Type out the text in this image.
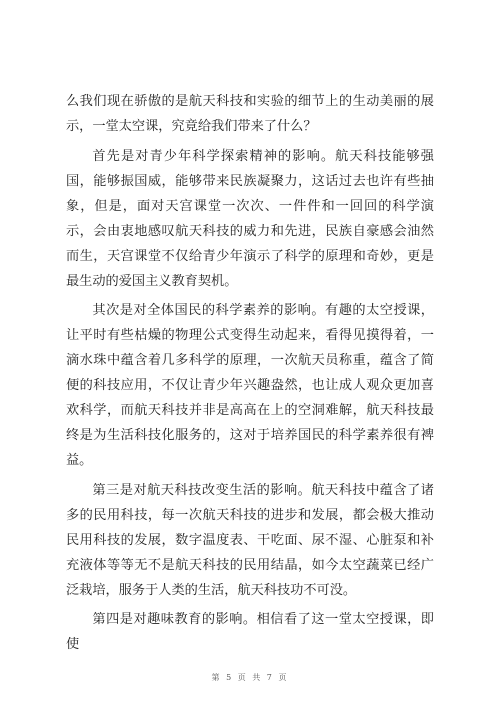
么我们现在骄傲的是航天科技和实验的细节上的生动美丽的展示，一堂太空课，究竟给我们带来了什么？

首先是对青少年科学探索精神的影响。航天科技能够强国，能够振国威，能够带来民族凝聚力，这话过去也许有些抽象，但是，面对天宫课堂一次次、一件件和一回回的科学演示，会由衷地感叹航天科技的威力和先进，民族自豪感会油然而生，天宫课堂不仅给青少年演示了科学的原理和奇妙，更是最生动的爱国主义教育契机。

其次是对全体国民的科学素养的影响。有趣的太空授课，让平时有些枯燥的物理公式变得生动起来，看得见摸得着，一滴水珠中蕴含着几多科学的原理，一次航天员称重，蕴含了简便的科技应用，不仅让青少年兴趣盎然，也让成人观众更加喜欢科学，而航天科技并非是高高在上的空洞难解，航天科技最终是为生活科技化服务的，这对于培养国民的科学素养很有裨益。

第三是对航天科技改变生活的影响。航天科技中蕴含了诸多的民用科技，每一次航天科技的进步和发展，都会极大推动民用科技的发展，数字温度表、干吃面、尿不湿、心脏泵和补充液体等等无不是航天科技的民用结晶，如今太空蔬菜已经广泛栽培，服务于人类的生活，航天科技功不可没。

第四是对趣味教育的影响。相信看了这一堂太空授课，即使

第 5 页 共 7 页
